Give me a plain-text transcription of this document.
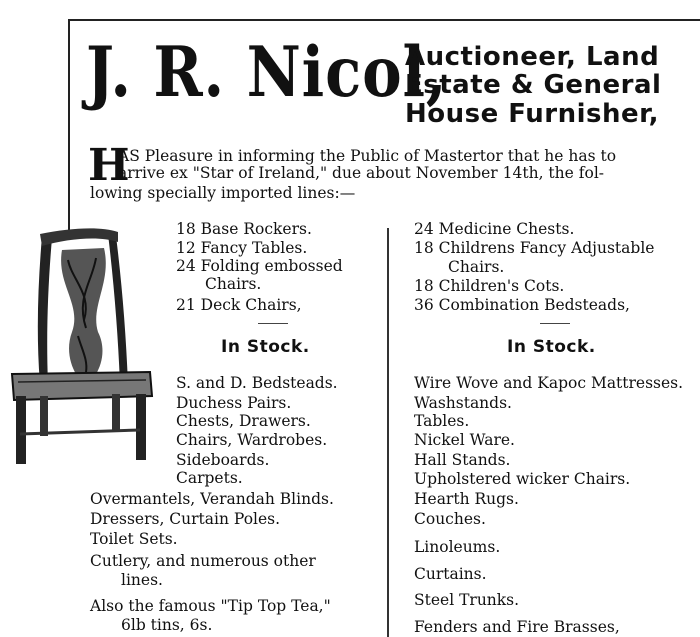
J. R. Nicol,
Auctioneer, Land
Estate & General
House Furnisher,
H
AS Pleasure in informing the Public of Mastertor that he has to
arrive ex "Star of Ireland," due about November 14th, the fol-
lowing specially imported lines:—
18 Base Rockers.
12 Fancy Tables.
24 Folding embossed
Chairs.
21 Deck Chairs,
In Stock.
S. and D. Bedsteads.
Duchess Pairs.
Chests, Drawers.
Chairs, Wardrobes.
Sideboards.
Carpets.
Overmantels, Verandah Blinds.
Dressers, Curtain Poles.
Toilet Sets.
Cutlery, and numerous other
lines.
Also the famous "Tip Top Tea,"
6lb tins, 6s.
24 Medicine Chests.
18 Childrens Fancy Adjustable
Chairs.
18 Children's Cots.
36 Combination Bedsteads,
In Stock.
Wire Wove and Kapoc Mattresses.
Washstands.
Tables.
Nickel Ware.
Hall Stands.
Upholstered wicker Chairs.
Hearth Rugs.
Couches.
Linoleums.
Curtains.
Steel Trunks.
Fenders and Fire Brasses,
